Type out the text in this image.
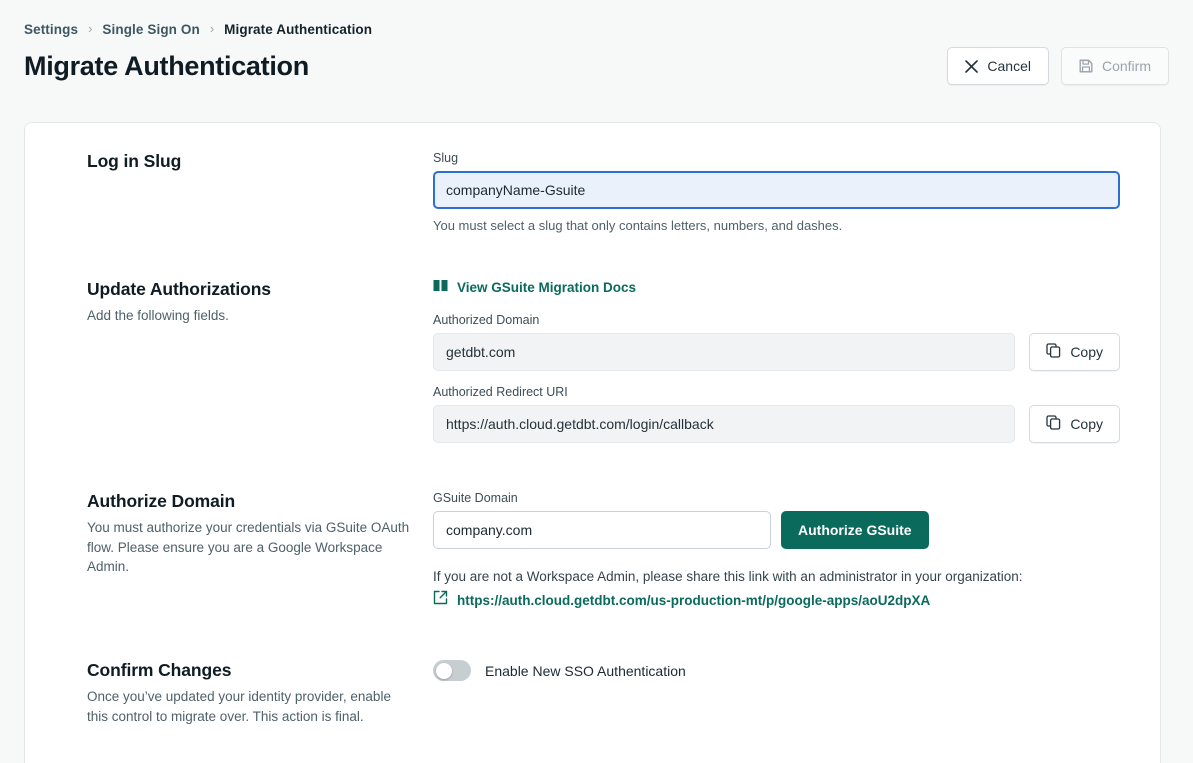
Settings › Single Sign On › Migrate Authentication
Migrate Authentication	Cancel	Confirm
Log in Slug	Slug
companyName-Gsuite
You must select a slug that only contains letters, numbers, and dashes.
Update Authorizations

Add the following fields.

View GSuite Migration Docs
Authorized Domain
getdbt.com
Copy
Authorized Redirect URI
https://auth.cloud.getdbt.com/login/callback
Copy
Authorize Domain

You must authorize your credentials via GSuite OAuth flow. Please ensure you are a Google Workspace Admin.

GSuite Domain
company.com
Authorize GSuite
If you are not a Workspace Admin, please share this link with an administrator in your organization:
https://auth.cloud.getdbt.com/us-production-mt/p/google-apps/aoU2dpXA
Confirm Changes

Once you’ve updated your identity provider, enable this control to migrate over. This action is final.

Enable New SSO Authentication
